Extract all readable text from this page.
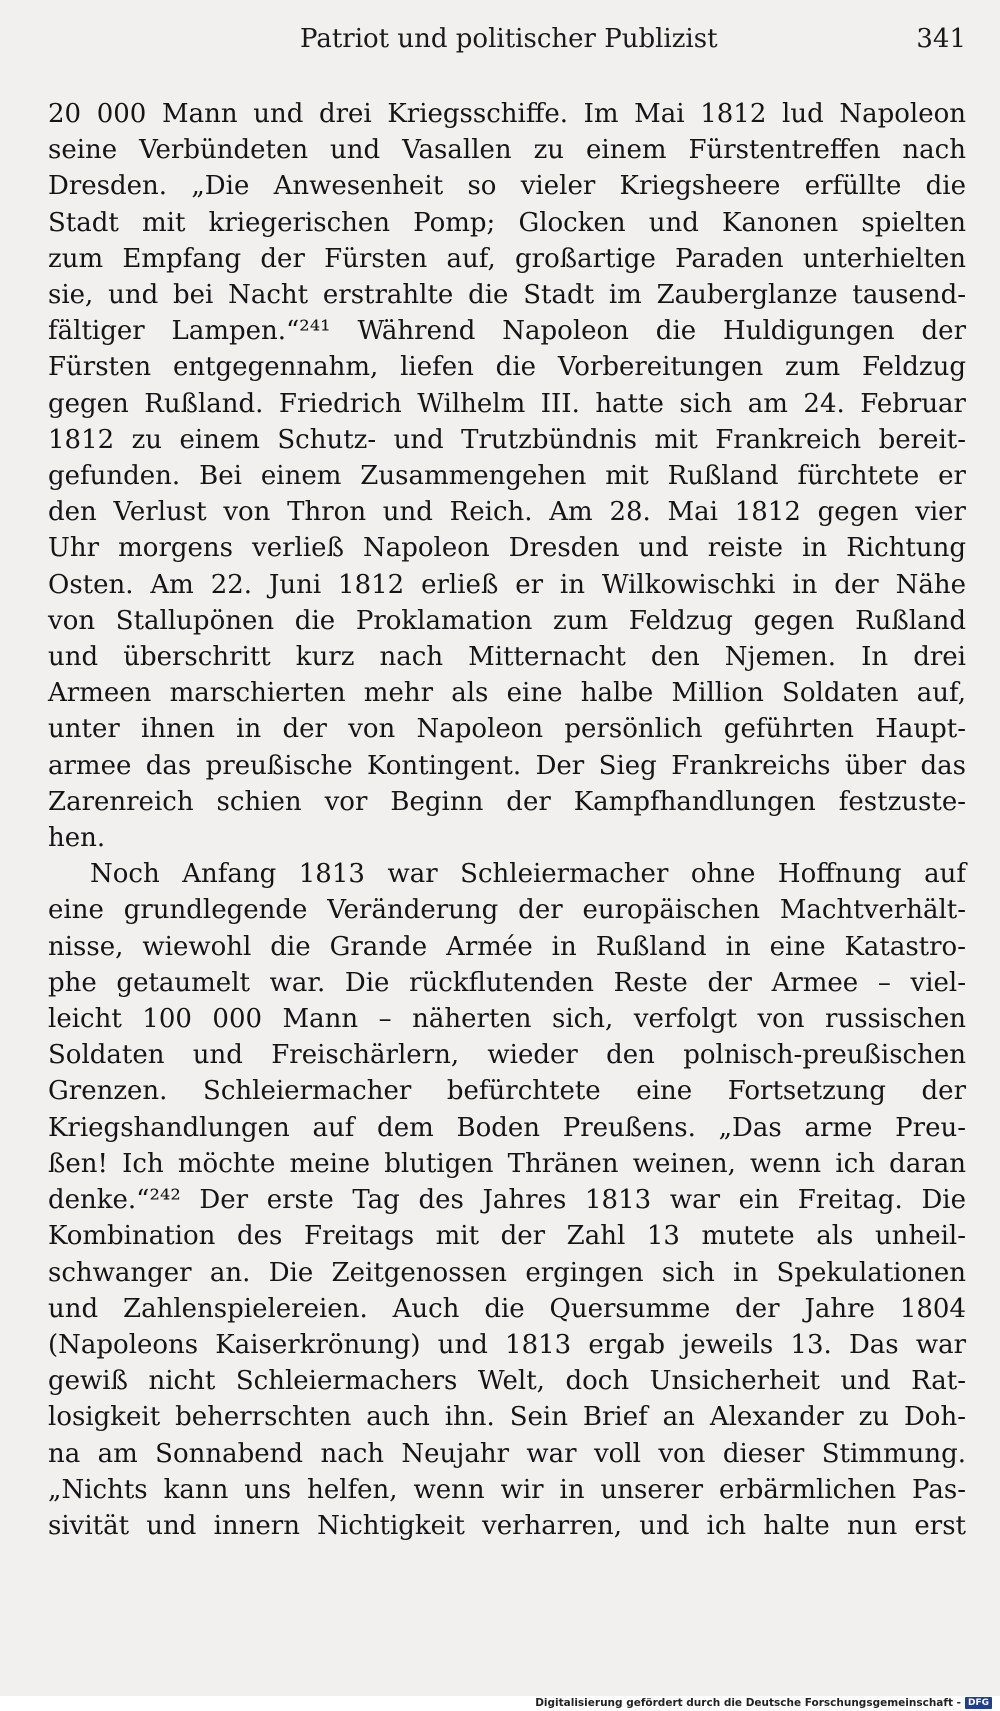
Patriot und politischer Publizist	341
20 000 Mann und drei Kriegsschiffe. Im Mai 1812 lud Napoleon
seine Verbündeten und Vasallen zu einem Fürstentreffen nach
Dresden. „Die Anwesenheit so vieler Kriegsheere erfüllte die
Stadt mit kriegerischen Pomp; Glocken und Kanonen spielten
zum Empfang der Fürsten auf, großartige Paraden unterhielten
sie, und bei Nacht erstrahlte die Stadt im Zauberglanze tausend-
fältiger Lampen.“²⁴¹ Während Napoleon die Huldigungen der
Fürsten entgegennahm, liefen die Vorbereitungen zum Feldzug
gegen Rußland. Friedrich Wilhelm III. hatte sich am 24. Februar
1812 zu einem Schutz- und Trutzbündnis mit Frankreich bereit-
gefunden. Bei einem Zusammengehen mit Rußland fürchtete er
den Verlust von Thron und Reich. Am 28. Mai 1812 gegen vier
Uhr morgens verließ Napoleon Dresden und reiste in Richtung
Osten. Am 22. Juni 1812 erließ er in Wilkowischki in der Nähe
von Stallupönen die Proklamation zum Feldzug gegen Rußland
und überschritt kurz nach Mitternacht den Njemen. In drei
Armeen marschierten mehr als eine halbe Million Soldaten auf,
unter ihnen in der von Napoleon persönlich geführten Haupt-
armee das preußische Kontingent. Der Sieg Frankreichs über das
Zarenreich schien vor Beginn der Kampfhandlungen festzuste-
hen.
Noch Anfang 1813 war Schleiermacher ohne Hoffnung auf
eine grundlegende Veränderung der europäischen Machtverhält-
nisse, wiewohl die Grande Armée in Rußland in eine Katastro-
phe getaumelt war. Die rückflutenden Reste der Armee – viel-
leicht 100 000 Mann – näherten sich, verfolgt von russischen
Soldaten und Freischärlern, wieder den polnisch-preußischen
Grenzen. Schleiermacher befürchtete eine Fortsetzung der
Kriegshandlungen auf dem Boden Preußens. „Das arme Preu-
ßen! Ich möchte meine blutigen Thränen weinen, wenn ich daran
denke.“²⁴² Der erste Tag des Jahres 1813 war ein Freitag. Die
Kombination des Freitags mit der Zahl 13 mutete als unheil-
schwanger an. Die Zeitgenossen ergingen sich in Spekulationen
und Zahlenspielereien. Auch die Quersumme der Jahre 1804
(Napoleons Kaiserkrönung) und 1813 ergab jeweils 13. Das war
gewiß nicht Schleiermachers Welt, doch Unsicherheit und Rat-
losigkeit beherrschten auch ihn. Sein Brief an Alexander zu Doh-
na am Sonnabend nach Neujahr war voll von dieser Stimmung.
„Nichts kann uns helfen, wenn wir in unserer erbärmlichen Pas-
sivität und innern Nichtigkeit verharren, und ich halte nun erst
Digitalisierung gefördert durch die Deutsche Forschungsgemeinschaft - DFG
